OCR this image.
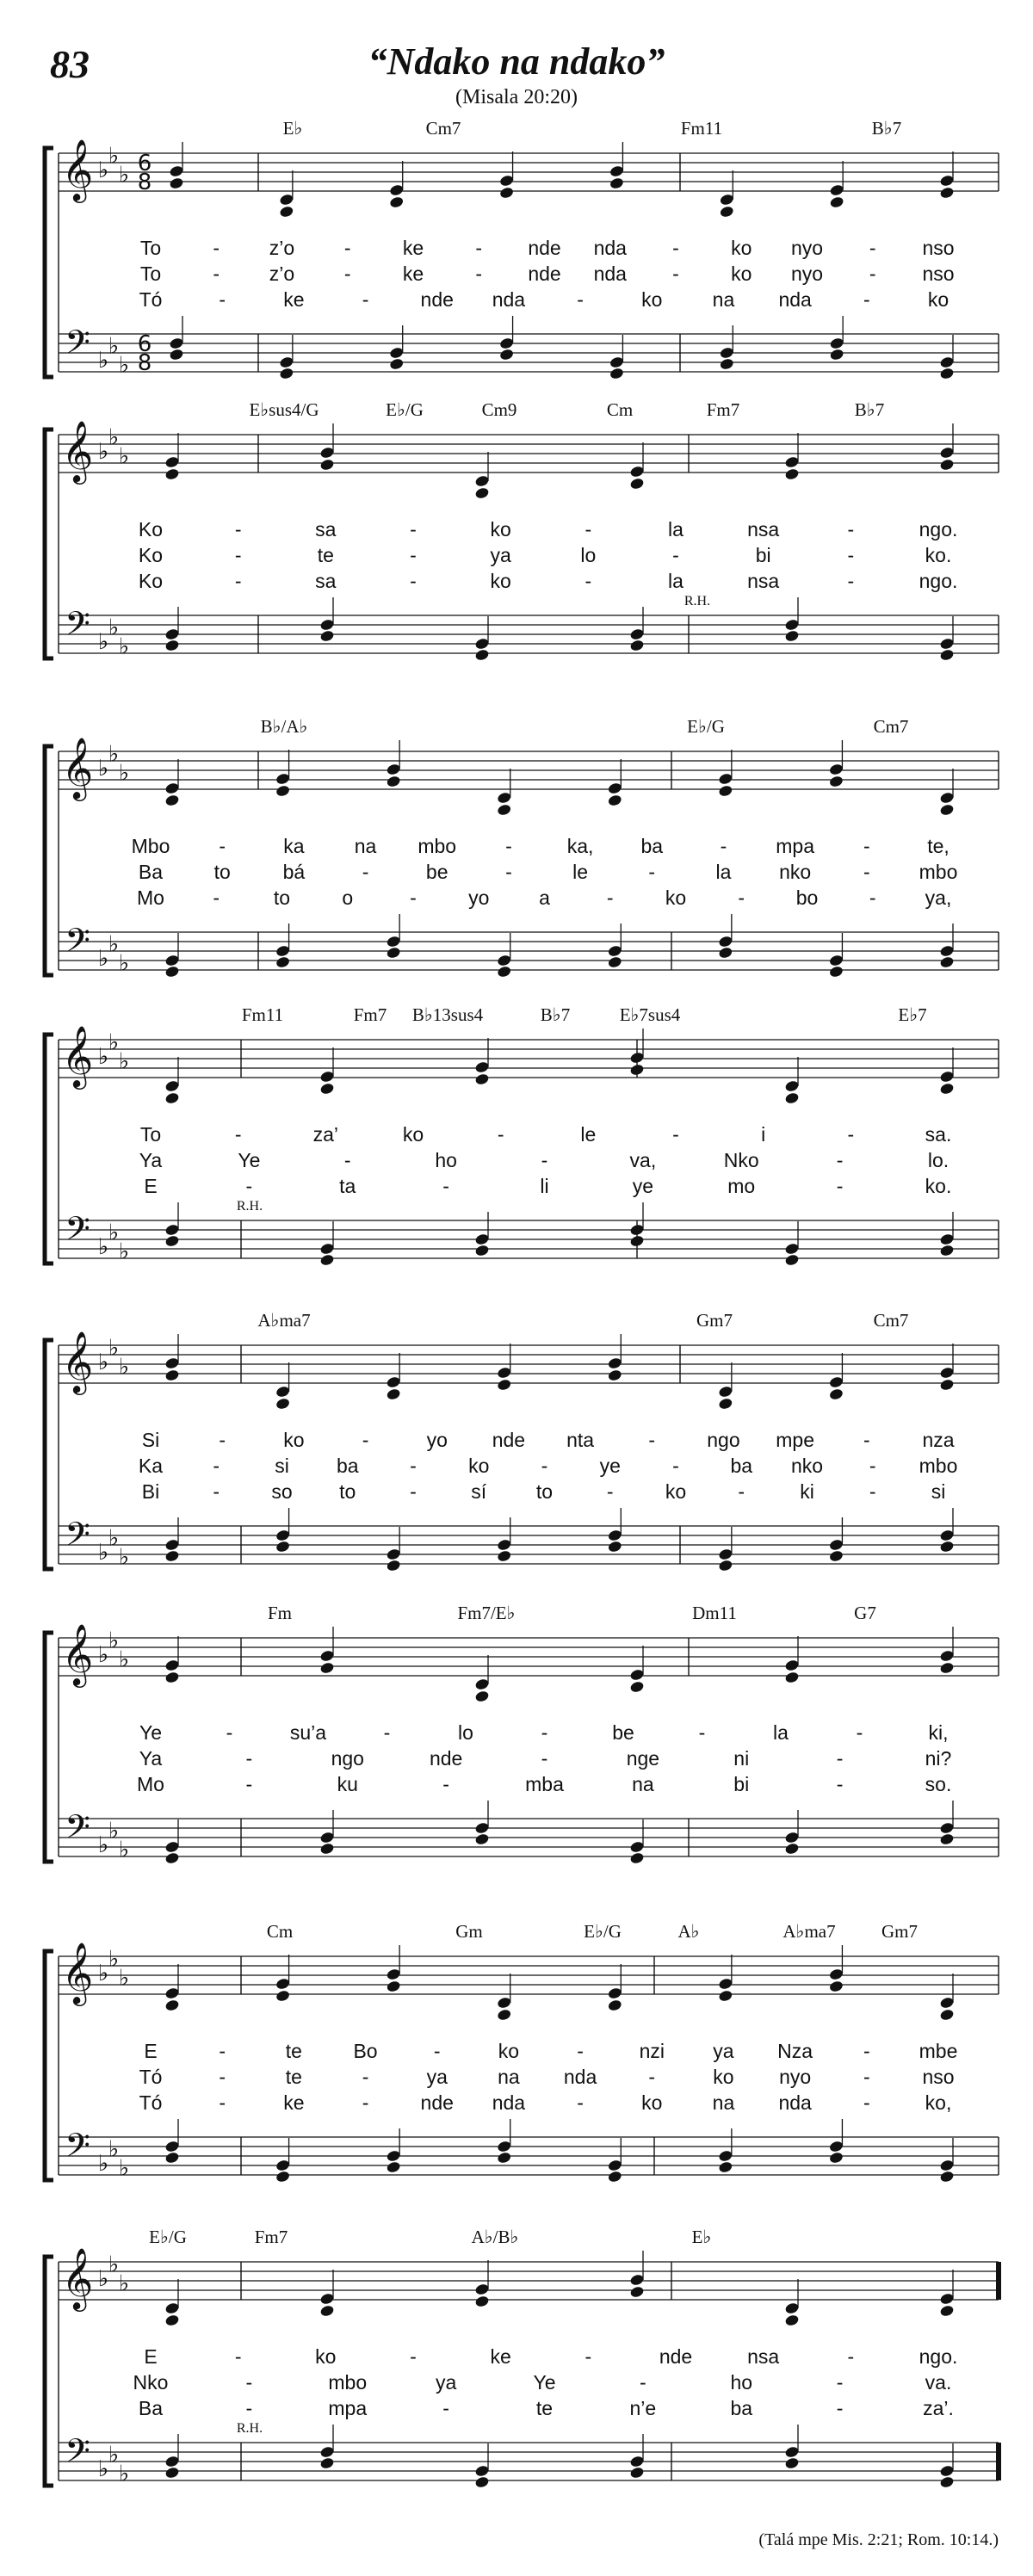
83	“Ndako na ndako”
(Misala 20:20)
𝄞 ♭
♭
♭ 6
8
𝄢 ♭
♭
♭
6
8
E♭	Cm7	Fm11	B♭7
To	-	z’o	-	ke	- nde nda -	ko nyo - nso
To	-	z’o	-	ke	- nde nda -	ko nyo - nso
Tó	-	ke	-	nde nda	-	ko	na nda	-	ko
𝄞 ♭
♭
♭
𝄢 ♭
♭
♭
E♭sus4/G	E♭/G	Cm9	Cm	Fm7	B♭7
Ko	-	sa	-	ko	-	la	nsa	-	ngo.
Ko	-	te	-	ya	lo	-	bi	-	ko.
Ko	-	sa	-	ko	-	la	nsa	-	ngo.
R.H.
𝄞 ♭
♭
♭
𝄢 ♭
♭
♭
B♭/A♭	E♭/G	Cm7
Mbo -	ka	na mbo -	ka, ba	- mpa -	te,
Ba	to	bá	-	be	-	le	-	la nko	- mbo
Mo -	to	o	-	yo	a	-	ko	-	bo	- ya,
𝄞 ♭
♭
♭
𝄢 ♭
♭
♭
Fm11	Fm7 B♭13sus4	B♭7	E♭7sus4	E♭7
To	-	za’	ko	-	le	-	i	-	sa.
Ya	Ye	-	ho	-	va,	Nko	-	lo.
E	-	ta	-	li	ye	mo	-	ko.
R.H.
𝄞 ♭
♭
♭
𝄢 ♭
♭
♭
A♭ma7	Gm7	Cm7
Si	-	ko	-	yo nde nta	-	ngo mpe -	nza
Ka	-	si ba	-	ko	-	ye	-	ba nko - mbo
Bi	-	so to	-	sí	to	-	ko	-	ki	-	si
𝄞 ♭
♭
♭
𝄢 ♭
♭
♭
Fm	Fm7/E♭	Dm11	G7
Ye	-	su’a	-	lo	-	be	-	la	-	ki,
Ya	-	ngo	nde	-	nge	ni	-	ni?
Mo	-	ku	-	mba	na	bi	-	so.
𝄞 ♭
♭
♭
𝄢 ♭
♭
♭
Cm	Gm	E♭/G	A♭	A♭ma7	Gm7
E	-	te	Bo	-	ko	-	nzi ya Nza	- mbe
Tó	-	te	-	ya	na nda	-	ko nyo	-	nso
Tó	-	ke	-	nde nda	-	ko	na nda	-	ko,
𝄞 ♭
♭
♭
𝄢 ♭
♭
♭
E♭/G	Fm7	A♭/B♭	E♭
E	-	ko	-	ke	-	nde	nsa	-	ngo.
Nko	-	mbo	ya	Ye	-	ho	-	va.
Ba	-	mpa	-	te	n’e	ba	-	za’.
R.H.
(Talá mpe Mis. 2:21; Rom. 10:14.)
